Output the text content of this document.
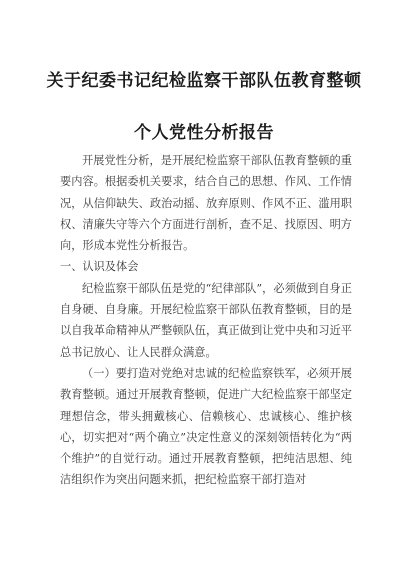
关于纪委书记纪检监察干部队伍教育整顿
个人党性分析报告

开展党性分析，是开展纪检监察干部队伍教育整顿的重要内容。根据委机关要求，结合自己的思想、作风、工作情况，从信仰缺失、政治动摇、放弃原则、作风不正、滥用职权、清廉失守等六个方面进行剖析，查不足、找原因、明方向，形成本党性分析报告。

一、认识及体会

纪检监察干部队伍是党的“纪律部队”，必须做到自身正自身硬、自身廉。开展纪检监察干部队伍教育整顿，目的是以自我革命精神从严整顿队伍，真正做到让党中央和习近平总书记放心、让人民群众满意。

（一）要打造对党绝对忠诚的纪检监察铁军，必须开展教育整顿。通过开展教育整顿，促进广大纪检监察干部坚定理想信念，带头拥戴核心、信赖核心、忠诚核心、维护核心，切实把对“两个确立”决定性意义的深刻领悟转化为“两个维护”的自觉行动。通过开展教育整顿，把纯洁思想、纯洁组织作为突出问题来抓，把纪检监察干部打造对
